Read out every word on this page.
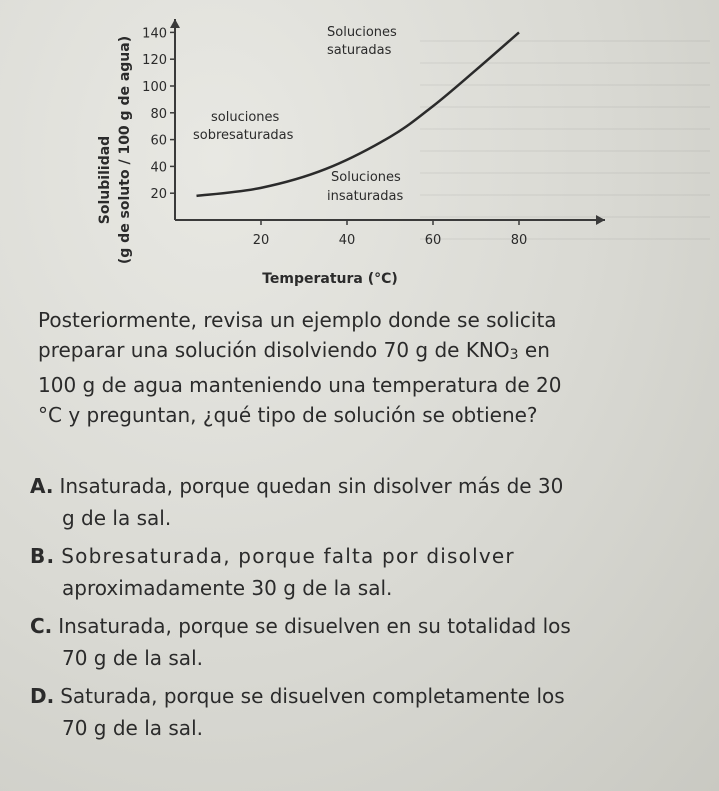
20
40
60
80
100
120
140
20	40	60	80
Solubilidad (g de soluto / 100 g de agua)
Soluciones
saturadas
soluciones
sobresaturadas
Soluciones
insaturadas
Temperatura (°C)
Posteriormente, revisa un ejemplo donde se solicita
preparar una solución disolviendo 70 g de KNO3 en
100 g de agua manteniendo una temperatura de 20
°C y preguntan, ¿qué tipo de solución se obtiene?
A. Insaturada, porque quedan sin disolver más de 30
g de la sal.
B. Sobresaturada, porque falta por disolver
aproximadamente 30 g de la sal.
C. Insaturada, porque se disuelven en su totalidad los
70 g de la sal.
D. Saturada, porque se disuelven completamente los
70 g de la sal.
